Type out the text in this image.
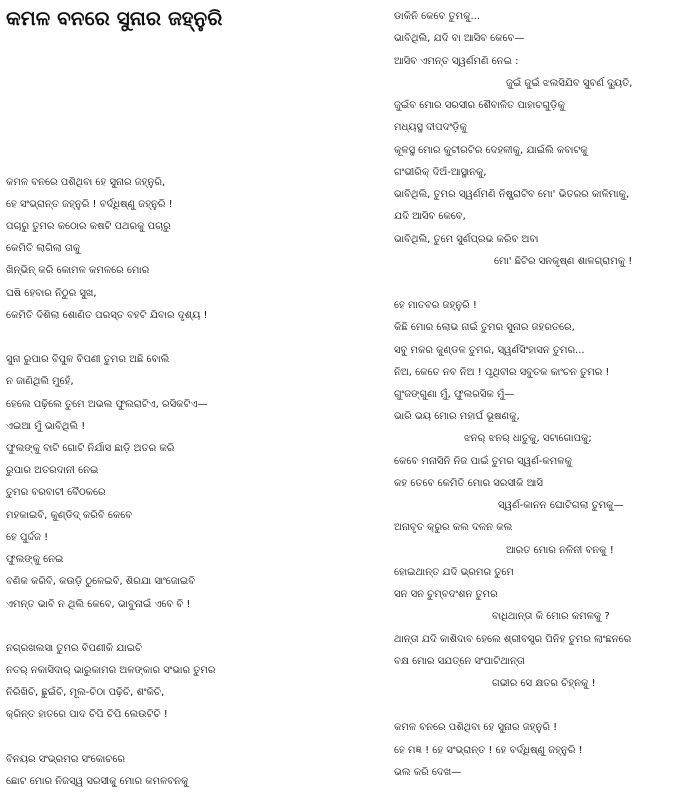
କମଳ ବନରେ ସୁନାର ଜହ୍ନୁରି
କମଳ ବନରେ ପଶିଥିବା ହେ ସୁନାର ଜହ୍ନୁରି,
ହେ ସଂଭ୍ରାନ୍ତ ଜହ୍ନୁରି ! ବର୍ଦ୍ଧିଷ୍ଣୁ ଜହ୍ନୁରି !
ପଚାରୁ ତୁମର କଠୋର କଷଟି ପଥରକୁ ପଚାରୁ
କେମିତି ଲାଗିଲା ତାକୁ
ଖିନ୍‌ଭିନ୍‌ କରି କୋମଳ କମଳରେ ମୋର
ଘଷି ହେବାର ନିଠୁର ସୁଖ,
କେମିତି ଦିଶିଲା ଶୋଣିତ ପରସ୍ତ ବହଟି ଯିବାର ଦୃଶ୍ୟ !
ସୁନା ରୁପାର ବିପୁଳ ବିପଣୀ ତୁମର ଅଛି ବୋଲି
ନ ଜାଣିଥିଲି ମୁହେଁ,
ହେଲେ ପଢ଼ିଲେ ତୁମେ ଅଭଲ ଫୁଲରାଟିଏ, ରସିକଟିଏ—
ଏଇଆ ମୁଁ ଭାବିଥିଲି !
ଫୁଲଙ୍କୁ ବାଟି ଗୋଟି ନିର୍ଯାସ ଛାଡ଼ି ଅତର କରି
ରୁପାର ଅତରଦାନୀ ନେଇ
ତୁମର ବରବାଟୀ ବୈଠକରେ
ମହକାଇବି, କୁଣ୍ଡିଦ୍‌ କରିବି କେବେ
ହେ ପୁର୍ଦ୍ଦଜ !
ଫୁଲଙ୍କୁ ନେଇ
ବଣିକ କରିବି, କଉଡ଼ି ଠୁଳେଇବି, ଶିରଯା ସାଂଜୋଇବି
ଏମନ୍ତ ଭାବି ନ ଥିଲି କେବେ, ଭାବୁନାଇଁ ଏବେ ବି !
ନଗ୍ରଖଲସା ତୁମର ବିପଣୀକି ଯାଇଚି
ନତର୍‌ ନକାସିଦାର୍‌ ଭାରୁକାମର ଅଳଙ୍କାର ସଂଭାର ତୁମର
ନିରିଖିଚି, ଛୁଇଁଚି, ମୂଲ-ଚିଠା ପଢ଼ିଚି, ଶଂକିଚି,
କ୍ରିନ୍ତ ହାତରେ ପାଦ ଚିପି ଚିପି ଲେଉଟିଚି !
ବିନୟର ସଂଭ୍ରମର ସଂକୋଚରେ
ଛୋଟ ମୋର ନିଜସ୍ୱ ସରସୀକୁ ମୋର କମଳବନକୁ
ଡାକିନି କେବେ ତୁମକୁ...
ଭାବିଥିଲି, ଯଦି ବା ଆସିବ କେବେ—
ଆସିବ ଏମନ୍ତ ସ୍ୱର୍ଣମଣି ନେଇ :
ଜୁଇଁ ଜୁଇଁ ଝଲସିଯିବ ସୁବର୍ଣ ଦ୍ୟୁତି,
ଜୁଇଁବ ମୋର ସରସୀର ଶୈବାଳିତ ପାହାଚଗୁଡ଼ିକୁ
ମଧ୍ୟସ୍ଥ ଦୀପଦଂଡ଼ିକୁ
କୂଳସ୍ଥ ମୋର କୁଟୀରଟିର ଦେହଳୀକୁ, ଯାଇଁଲି କବାଟକୁ
ଗଂଭୀରିକ୍ ଦିଅଁ-ଆସ୍ଥାନକୁ,
ଭାବିଥିଲି, ତୁମର ସ୍ୱର୍ଣମଣି ନିଷ୍ପ୍ରାଟିବ ମୋ' ଭିତରର କାଳିମାକୁ,
ଯଦି ଆସିବ କେବେ,
ଭାବିଥିଲି, ତୁମେ ସୁର୍ଣପ୍ରଭ କରିବ ଅବା
ମୋ' ଛିଟିର ସନକୃଷ୍ଣ ଶାଳଗ୍ରାମକୁ !
ହେ ମାତବର ଜହ୍ନୁରି !
କିଛି ମୋର ଲୋଭ ନାଇଁ ତୁମର ସୁନାର ଜହରତରେ,
ସବୁ ମକର କୁଣ୍ଡଳ ତୁମର, ସ୍ୱର୍ଣସିଂହାସନ ତୁମର...
ନିଅ, କେତେ ନବ ନିଅ ! ପୃଥିବୀର ସବୁତକ କାଂଚନ ତୁମର !
ଗୁଂଜଙ୍ଗୁଣା ମୁଁ, ଫୁଲରସିକ ମୁଁ—
ଭାରି ଭୟ ମୋର ମହାର୍ଘ ଭୂଷଣକୁ,
ଝନର୍‌ ଝନର୍‌ ଧାତୁକୁ, ସଟାଗୋପକୁ;
କେବେ ମନାସିନି ନିଜ ପାଇଁ ତୁମର ସ୍ୱର୍ଣ-କମଳକୁ
କହ ତେବେ କେମିତି ମୋର ସରସୀକି ଆସି
ସ୍ୱର୍ଣ-କାନନ ଘୋଟିଗଲା ତୁମକୁ—
ଅନାବୃତ କ୍ରୁର କଲ ଦଳନ କଲ
ଆରତ ମୋର ନଳିନୀ ବନକୁ !
ହୋଇଥାନ୍ତ ଯଦି ଭ୍ରମର ତୁମେ
ସନ ସନ ଚୁମ୍ବଦଂଶନ ତୁମର
ବାଧିଥାନ୍ତା କି ମୋର କମଳକୁ ?
ଥାନ୍ତା ଯଦି କାଶିଦାବ ହେଲେ ଶ୍ରୀବସ୍ତ୍ର ପିନିହ ତୁମର ଲାଂଛନରେ
ବକ୍ଷ ମୋର ସଯତ୍ନେ ସଂପାଟିଥାନ୍ତା
ଗଭୀର ସେ କ୍ଷତର ଚିହ୍ନକୁ !
କମଳ ବନରେ ପଶିଥିବା ହେ ସୁନାର ଜହ୍ନୁରି !
ହେ ମଜ୍ଞ ! ହେ ସଂଭ୍ରାନ୍ତ ! ହେ ବର୍ଦ୍ଧିଷ୍ଣୁ ଜହ୍ନୁରି !
ଭଲ କରି ଦେଖ—
